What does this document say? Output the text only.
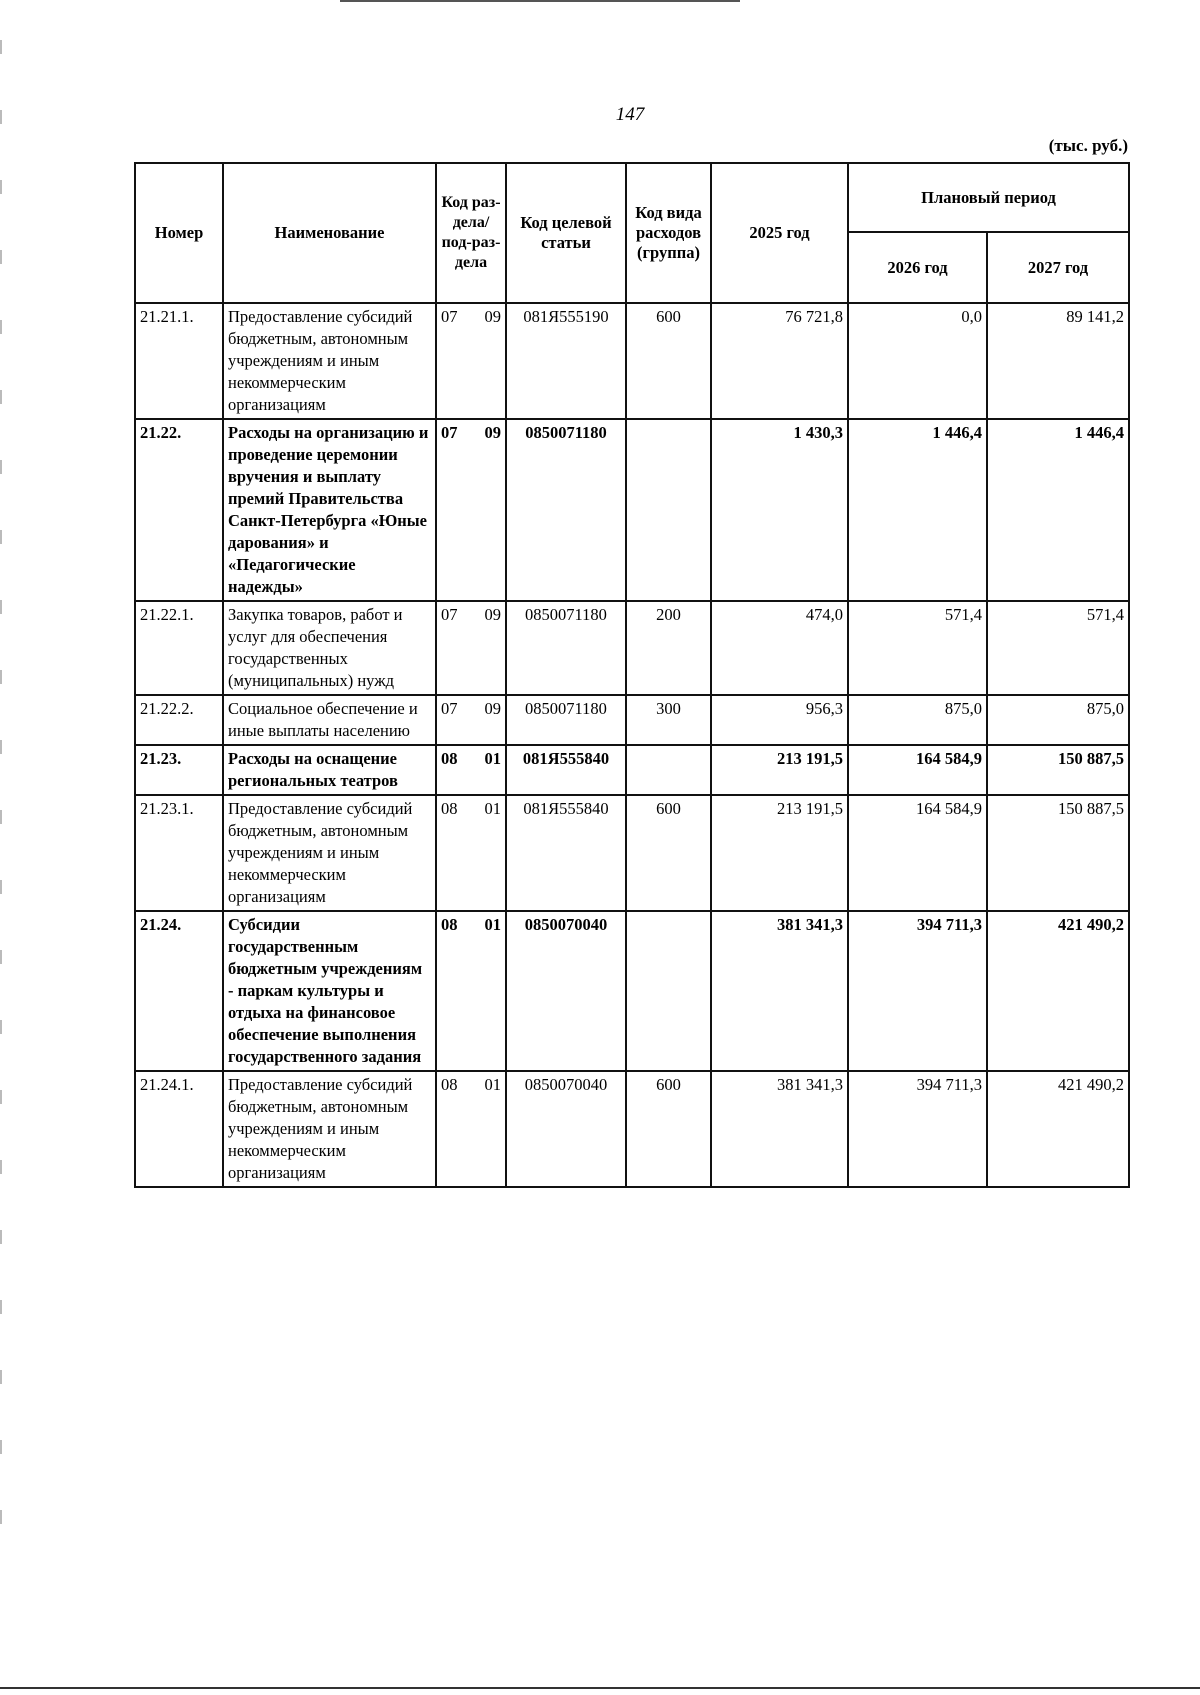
147
(тыс. руб.)
Номер	Наименование	Код раз-дела/ под-раз-дела	Код целевой статьи	Код вида расходов (группа)	2025 год	Плановый период	
						2026 год	2027 год
21.21.1.	Предоставление субсидий бюджетным, автономным учреждениям и иным некоммерческим организациям	07 09	081Я555190	600	76 721,8	0,0	89 141,2
21.22.	Расходы на организацию и проведение церемонии вручения и выплату премий Правительства Санкт-Петербурга «Юные дарования» и «Педагогические надежды»	07 09	0850071180		1 430,3	1 446,4	1 446,4
21.22.1.	Закупка товаров, работ и услуг для обеспечения государственных (муниципальных) нужд	07 09	0850071180	200	474,0	571,4	571,4
21.22.2.	Социальное обеспечение и иные выплаты населению	07 09	0850071180	300	956,3	875,0	875,0
21.23.	Расходы на оснащение региональных театров	08 01	081Я555840		213 191,5	164 584,9	150 887,5
21.23.1.	Предоставление субсидий бюджетным, автономным учреждениям и иным некоммерческим организациям	08 01	081Я555840	600	213 191,5	164 584,9	150 887,5
21.24.	Субсидии государственным бюджетным учреждениям - паркам культуры и отдыха на финансовое обеспечение выполнения государственного задания	08 01	0850070040		381 341,3	394 711,3	421 490,2
21.24.1.	Предоставление субсидий бюджетным, автономным учреждениям и иным некоммерческим организациям	08 01	0850070040	600	381 341,3	394 711,3	421 490,2
